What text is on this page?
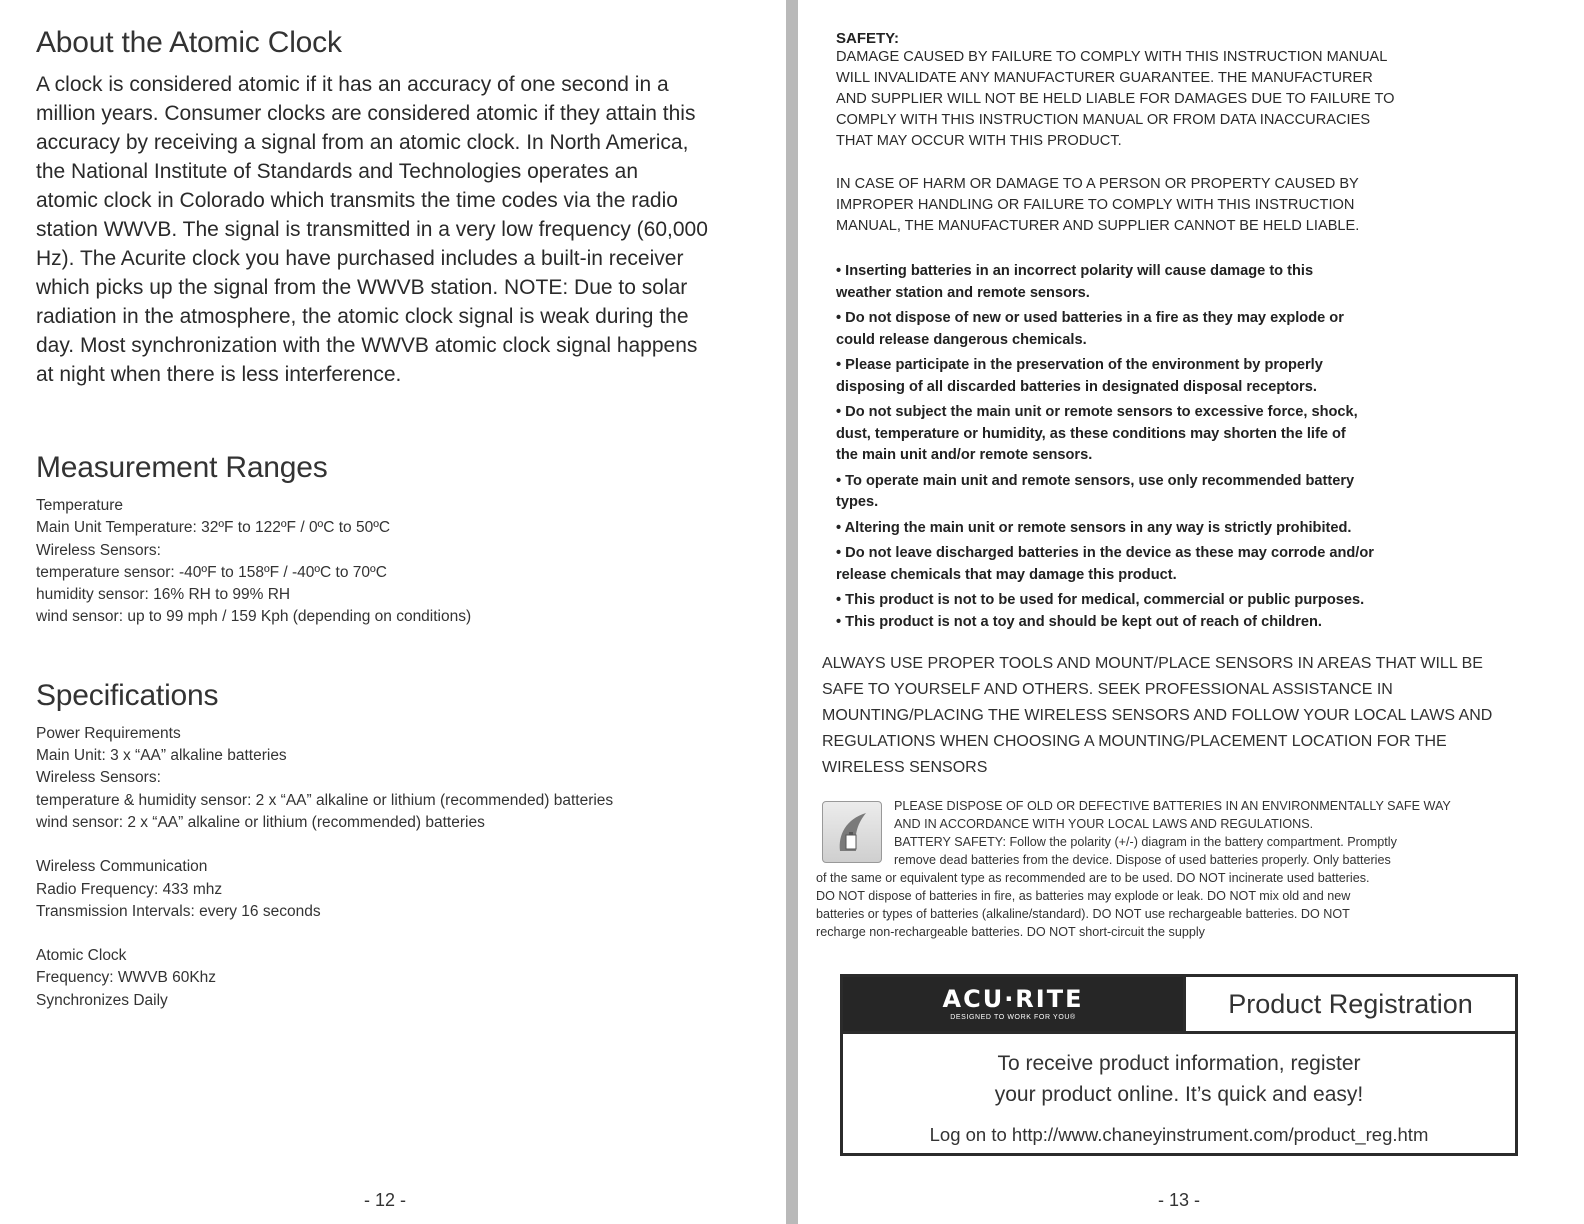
About the Atomic Clock
A clock is considered atomic if it has an accuracy of one second in a
million years. Consumer clocks are considered atomic if they attain this
accuracy by receiving a signal from an atomic clock. In North America,
the National Institute of Standards and Technologies operates an
atomic clock in Colorado which transmits the time codes via the radio
station WWVB. The signal is transmitted in a very low frequency (60,000
Hz). The Acurite clock you have purchased includes a built-in receiver
which picks up the signal from the WWVB station. NOTE: Due to solar
radiation in the atmosphere, the atomic clock signal is weak during the
day. Most synchronization with the WWVB atomic clock signal happens
at night when there is less interference.
Measurement Ranges
Temperature
Main Unit Temperature: 32ºF to 122ºF / 0ºC to 50ºC
Wireless Sensors:
temperature sensor: -40ºF to 158ºF / -40ºC to 70ºC
humidity sensor: 16% RH to 99% RH
wind sensor: up to 99 mph / 159 Kph (depending on conditions)
Specifications
Power Requirements
Main Unit: 3 x “AA” alkaline batteries
Wireless Sensors:
temperature & humidity sensor: 2 x “AA” alkaline or lithium (recommended) batteries
wind sensor: 2 x “AA” alkaline or lithium (recommended) batteries
Wireless Communication
Radio Frequency: 433 mhz
Transmission Intervals: every 16 seconds
Atomic Clock
Frequency: WWVB 60Khz
Synchronizes Daily
- 12 -
SAFETY:
DAMAGE CAUSED BY FAILURE TO COMPLY WITH THIS INSTRUCTION MANUAL
WILL INVALIDATE ANY MANUFACTURER GUARANTEE. THE MANUFACTURER
AND SUPPLIER WILL NOT BE HELD LIABLE FOR DAMAGES DUE TO FAILURE TO
COMPLY WITH THIS INSTRUCTION MANUAL OR FROM DATA INACCURACIES
THAT MAY OCCUR WITH THIS PRODUCT.
IN CASE OF HARM OR DAMAGE TO A PERSON OR PROPERTY CAUSED BY
IMPROPER HANDLING OR FAILURE TO COMPLY WITH THIS INSTRUCTION
MANUAL, THE MANUFACTURER AND SUPPLIER CANNOT BE HELD LIABLE.
• Inserting batteries in an incorrect polarity will cause damage to this
weather station and remote sensors.
• Do not dispose of new or used batteries in a fire as they may explode or
could release dangerous chemicals.
• Please participate in the preservation of the environment by properly
disposing of all discarded batteries in designated disposal receptors.
• Do not subject the main unit or remote sensors to excessive force, shock,
dust, temperature or humidity, as these conditions may shorten the life of
the main unit and/or remote sensors.
• To operate main unit and remote sensors, use only recommended battery
types.
• Altering the main unit or remote sensors in any way is strictly prohibited.
• Do not leave discharged batteries in the device as these may corrode and/or
release chemicals that may damage this product.
• This product is not to be used for medical, commercial or public purposes.
• This product is not a toy and should be kept out of reach of children.
ALWAYS USE PROPER TOOLS AND MOUNT/PLACE SENSORS IN AREAS THAT WILL BE
SAFE TO YOURSELF AND OTHERS. SEEK PROFESSIONAL ASSISTANCE IN
MOUNTING/PLACING THE WIRELESS SENSORS AND FOLLOW YOUR LOCAL LAWS AND
REGULATIONS WHEN CHOOSING A MOUNTING/PLACEMENT LOCATION FOR THE
WIRELESS SENSORS
PLEASE DISPOSE OF OLD OR DEFECTIVE BATTERIES IN AN ENVIRONMENTALLY SAFE WAY
AND IN ACCORDANCE WITH YOUR LOCAL LAWS AND REGULATIONS.
BATTERY SAFETY: Follow the polarity (+/-) diagram in the battery compartment. Promptly
remove dead batteries from the device. Dispose of used batteries properly. Only batteries
of the same or equivalent type as recommended are to be used. DO NOT incinerate used batteries.
DO NOT dispose of batteries in fire, as batteries may explode or leak. DO NOT mix old and new
batteries or types of batteries (alkaline/standard). DO NOT use rechargeable batteries. DO NOT
recharge non-rechargeable batteries. DO NOT short-circuit the supply
ACU·RITE
DESIGNED TO WORK FOR YOU®	Product Registration
To receive product information, register
your product online. It’s quick and easy!
Log on to http://www.chaneyinstrument.com/product_reg.htm
- 13 -
